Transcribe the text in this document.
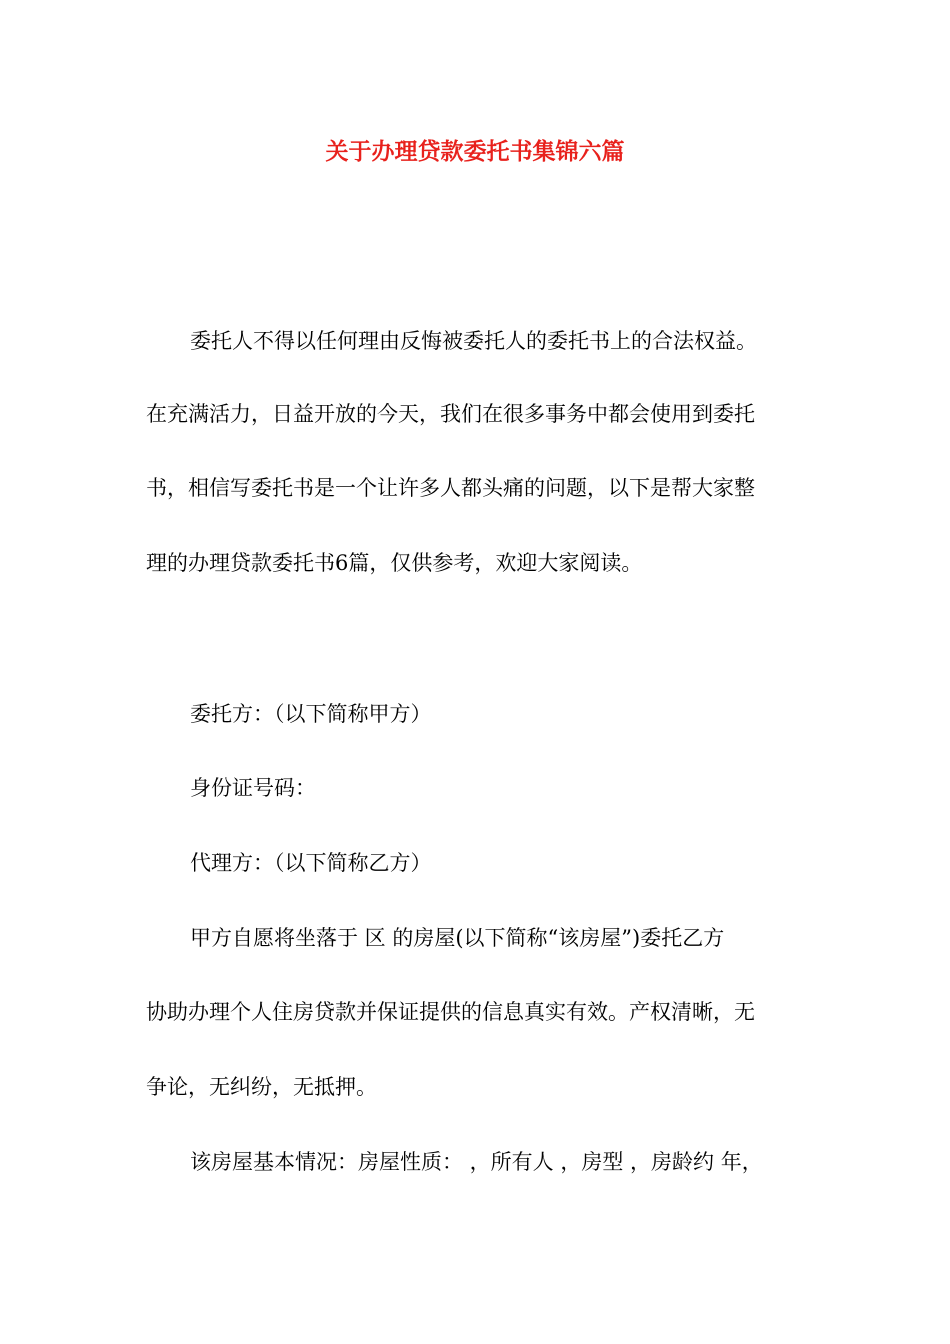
关于办理贷款委托书集锦六篇
委托人不得以任何理由反悔被委托人的委托书上的合法权益。
在充满活力，日益开放的今天，我们在很多事务中都会使用到委托
书，相信写委托书是一个让许多人都头痛的问题，以下是帮大家整
理的办理贷款委托书6篇，仅供参考，欢迎大家阅读。
委托方：（以下简称甲方）
身份证号码：
代理方：（以下简称乙方）
甲方自愿将坐落于 区 的房屋(以下简称“该房屋”)委托乙方
协助办理个人住房贷款并保证提供的信息真实有效。产权清晰，无
争论，无纠纷，无抵押。
该房屋基本情况：房屋性质： ，所有人 ，房型 ，房龄约 年，
